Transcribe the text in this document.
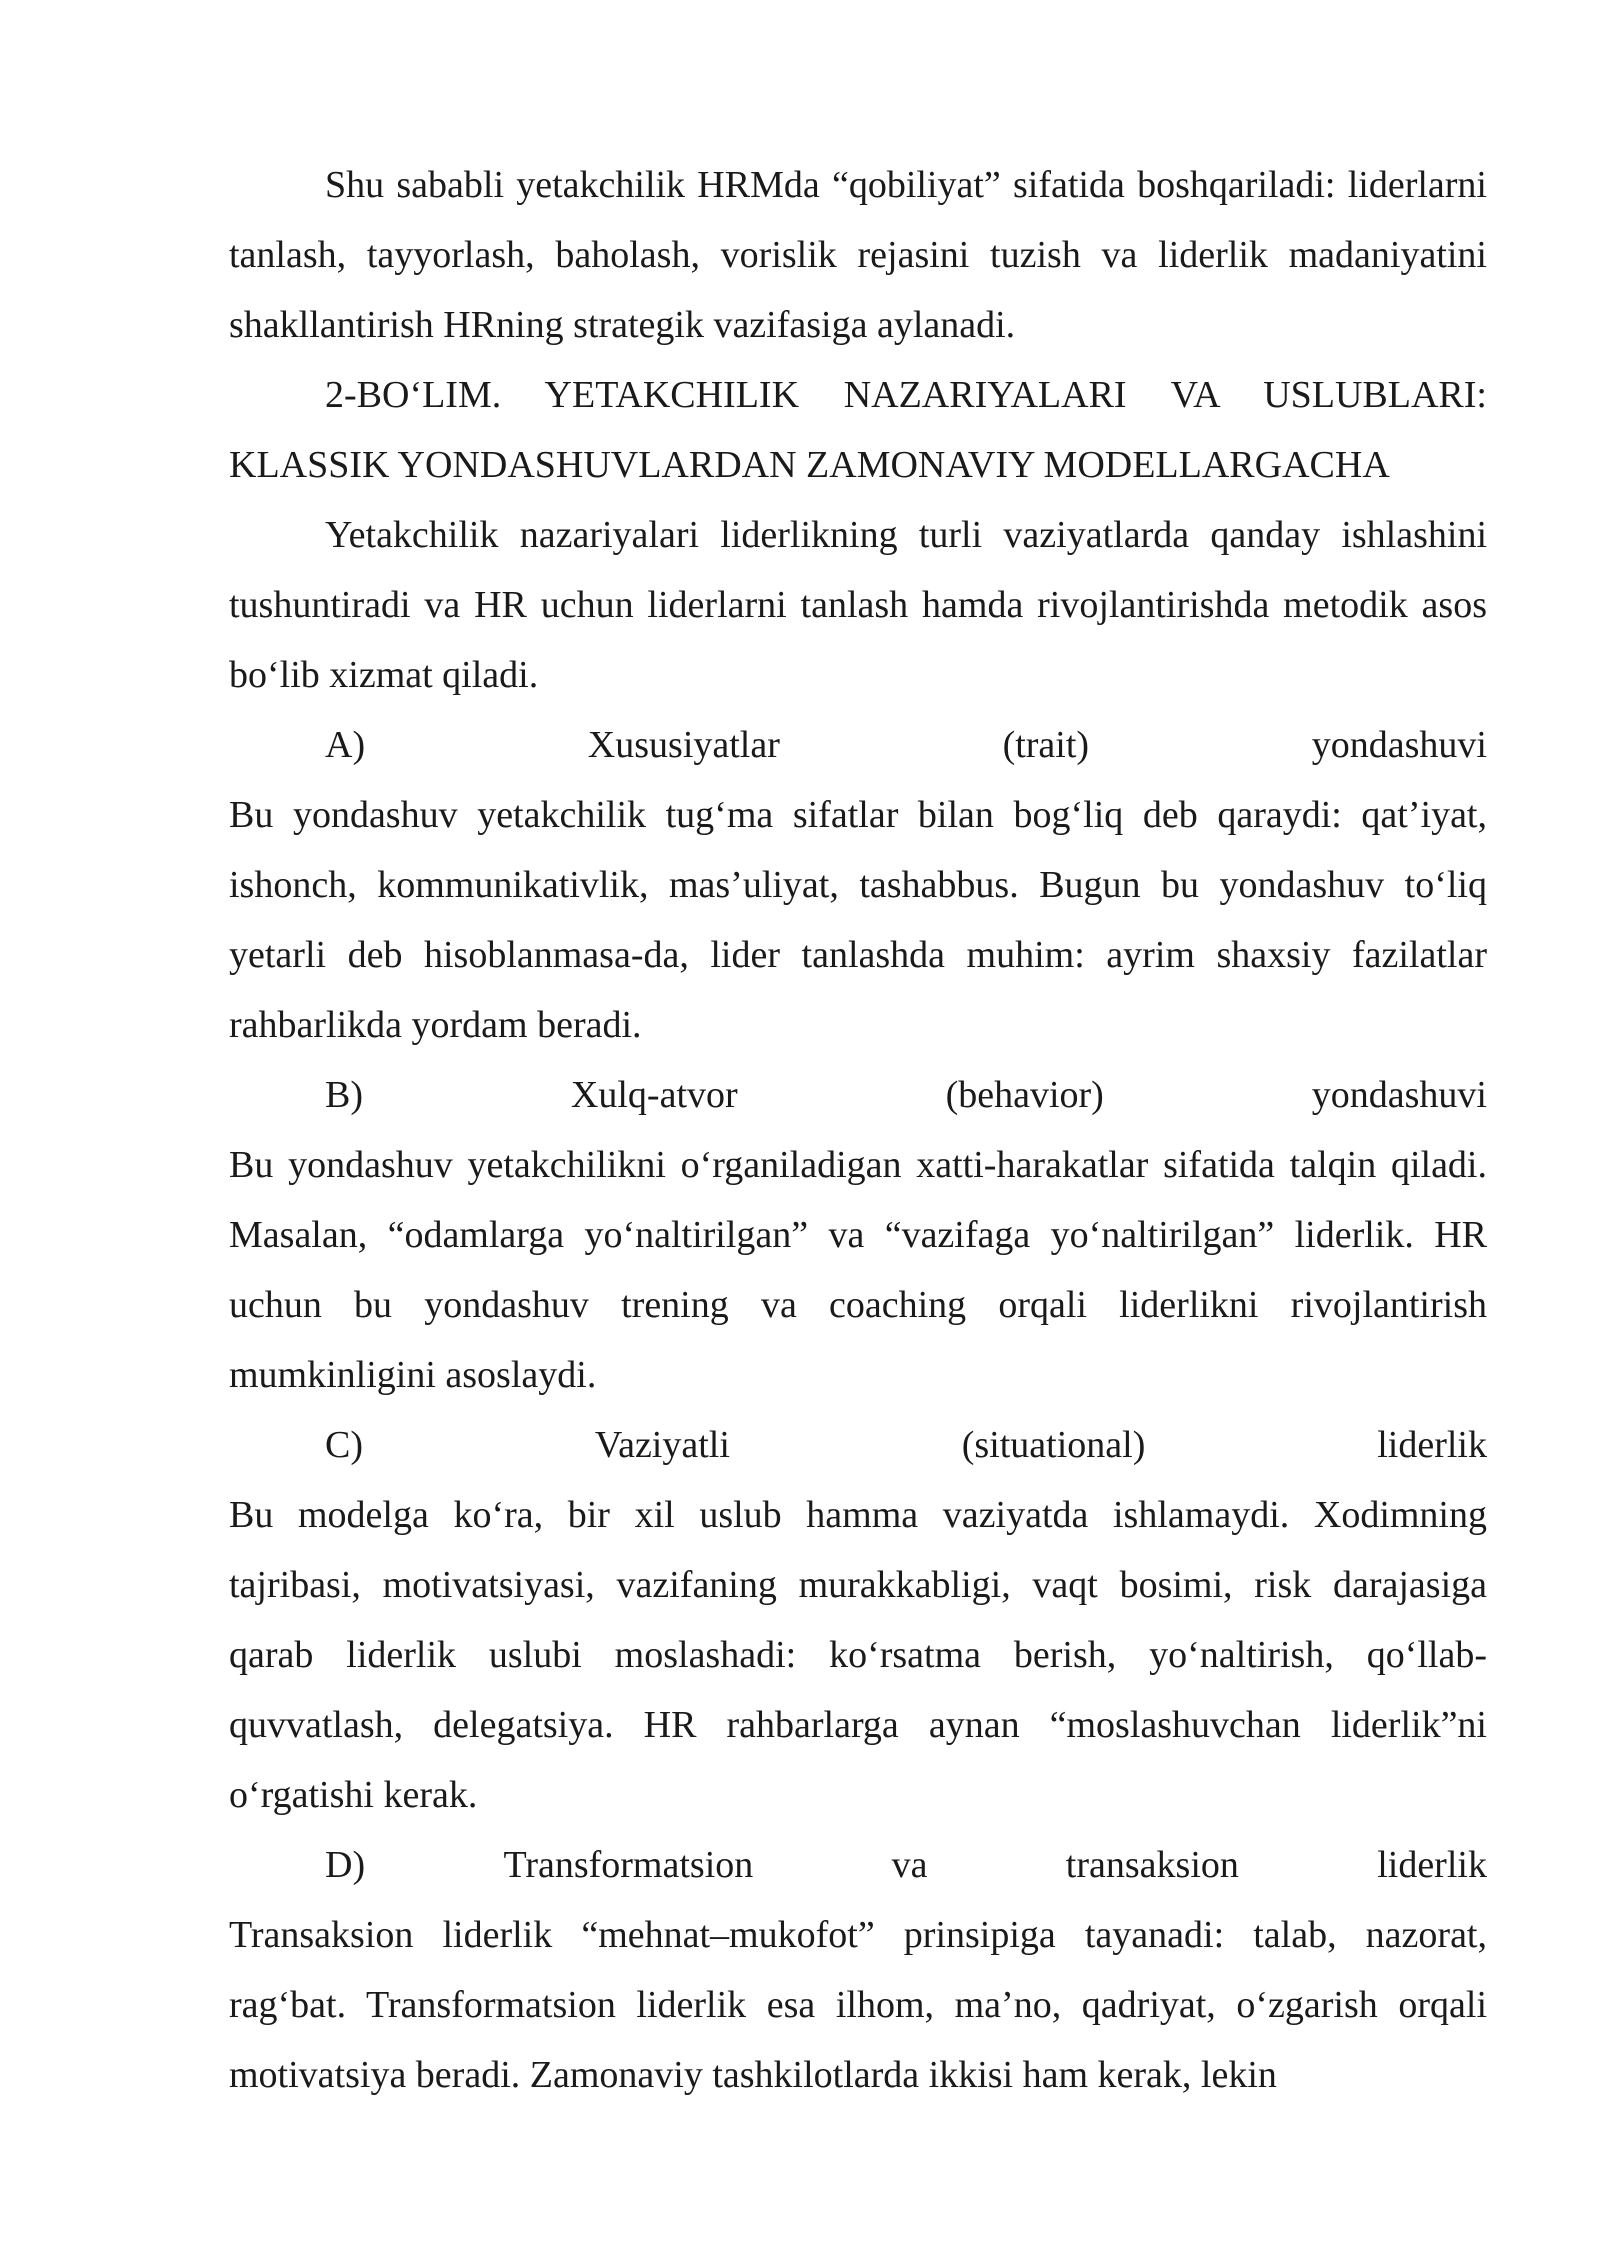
Shu sababli yetakchilik HRMda “qobiliyat” sifatida boshqariladi: liderlarni tanlash, tayyorlash, baholash, vorislik rejasini tuzish va liderlik madaniyatini shakllantirish HRning strategik vazifasiga aylanadi.

2-BO‘LIM. YETAKCHILIK NAZARIYALARI VA USLUBLARI: KLASSIK YONDASHUVLARDAN ZAMONAVIY MODELLARGACHA

Yetakchilik nazariyalari liderlikning turli vaziyatlarda qanday ishlashini tushuntiradi va HR uchun liderlarni tanlash hamda rivojlantirishda metodik asos bo‘lib xizmat qiladi.

A)	Xususiyatlar	(trait)	yondashuvi

Bu yondashuv yetakchilik tug‘ma sifatlar bilan bog‘liq deb qaraydi: qat’iyat, ishonch, kommunikativlik, mas’uliyat, tashabbus. Bugun bu yondashuv to‘liq yetarli deb hisoblanmasa-da, lider tanlashda muhim: ayrim shaxsiy fazilatlar rahbarlikda yordam beradi.

B)	Xulq-atvor	(behavior)	yondashuvi

Bu yondashuv yetakchilikni o‘rganiladigan xatti-harakatlar sifatida talqin qiladi. Masalan, “odamlarga yo‘naltirilgan” va “vazifaga yo‘naltirilgan” liderlik. HR uchun bu yondashuv trening va coaching orqali liderlikni rivojlantirish mumkinligini asoslaydi.

C)	Vaziyatli	(situational)	liderlik

Bu modelga ko‘ra, bir xil uslub hamma vaziyatda ishlamaydi. Xodimning tajribasi, motivatsiyasi, vazifaning murakkabligi, vaqt bosimi, risk darajasiga qarab liderlik uslubi moslashadi: ko‘rsatma berish, yo‘naltirish, qo‘llab-quvvatlash, delegatsiya. HR rahbarlarga aynan “moslashuvchan liderlik”ni o‘rgatishi kerak.

D)	Transformatsion	va	transaksion	liderlik

Transaksion liderlik “mehnat–mukofot” prinsipiga tayanadi: talab, nazorat, rag‘bat. Transformatsion liderlik esa ilhom, ma’no, qadriyat, o‘zgarish orqali motivatsiya beradi. Zamonaviy tashkilotlarda ikkisi ham kerak, lekin
